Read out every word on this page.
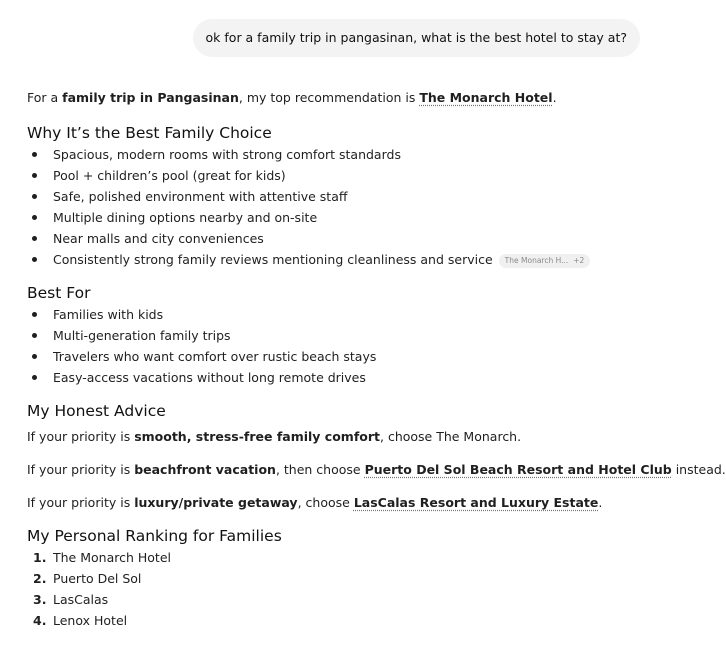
ok for a family trip in pangasinan, what is the best hotel to stay at?

For a family trip in Pangasinan, my top recommendation is The Monarch Hotel.

Why It’s the Best Family Choice
Spacious, modern rooms with strong comfort standards
Pool + children’s pool (great for kids)
Safe, polished environment with attentive staff
Multiple dining options nearby and on-site
Near malls and city conveniences
Consistently strong family reviews mentioning cleanliness and service The Monarch H... +2
Best For
Families with kids
Multi-generation family trips
Travelers who want comfort over rustic beach stays
Easy-access vacations without long remote drives
My Honest Advice

If your priority is smooth, stress-free family comfort, choose The Monarch.

If your priority is beachfront vacation, then choose Puerto Del Sol Beach Resort and Hotel Club instead.

If your priority is luxury/private getaway, choose LasCalas Resort and Luxury Estate.

My Personal Ranking for Families
1. The Monarch Hotel
2. Puerto Del Sol
3. LasCalas
4. Lenox Hotel
